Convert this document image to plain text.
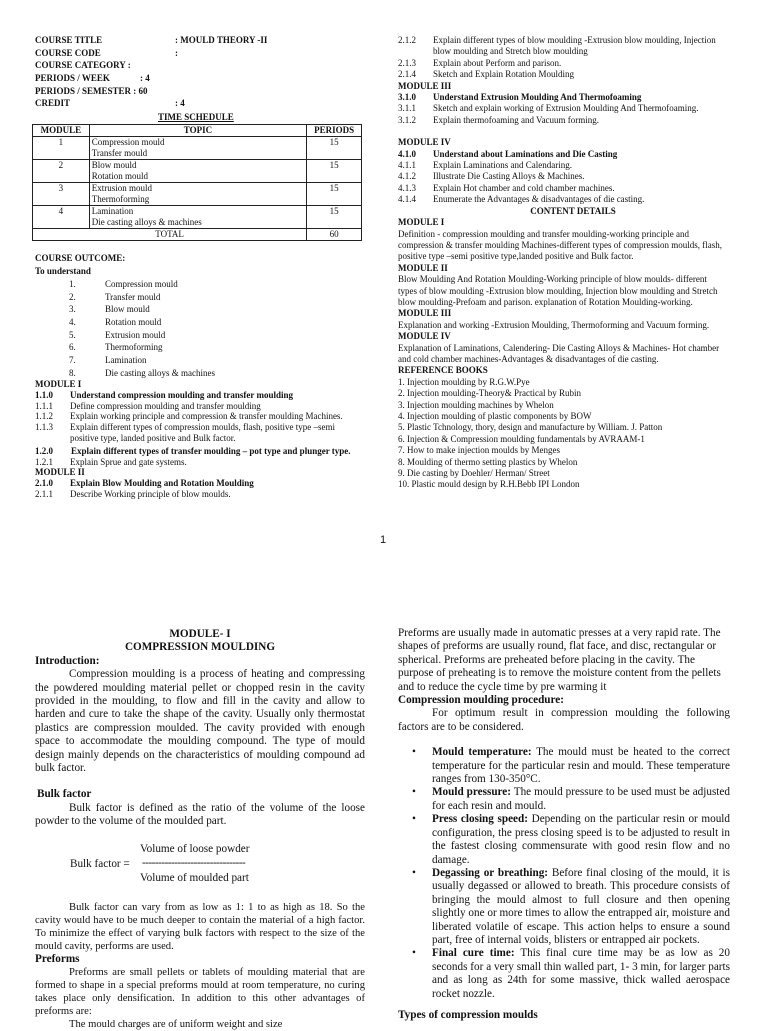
COURSE TITLE	: MOULD THEORY -II
COURSE CODE	:
COURSE CATEGORY :
PERIODS / WEEK	: 4
PERIODS / SEMESTER : 60
CREDIT	: 4
TIME SCHEDULE
MODULE	TOPIC	PERIODS
1	Compression mould
Transfer mould	15
2	Blow mould
Rotation mould	15
3	Extrusion mould
Thermoforming	15
4	Lamination
Die casting alloys & machines	15
TOTAL		60
COURSE OUTCOME:
To understand
1.	Compression mould
2.	Transfer mould
3.	Blow mould
4.	Rotation mould
5.	Extrusion mould
6.	Thermoforming
7.	Lamination
8.	Die casting alloys & machines
MODULE I
1.1.0 Understand compression moulding and transfer moulding
1.1.1 Define compression moulding and transfer moulding
1.1.2 Explain working principle and compression & transfer moulding Machines.
1.1.3 Explain different types of compression moulds, flash, positive type –semi positive type, landed positive and Bulk factor.
1.2.0 Explain different types of transfer moulding – pot type and plunger type.
1.2.1 Explain Sprue and gate systems.
MODULE II
2.1.0 Explain Blow Moulding and Rotation Moulding
2.1.1 Describe Working principle of blow moulds.
2.1.2 Explain different types of blow moulding -Extrusion blow moulding, Injection blow moulding and Stretch blow moulding
2.1.3 Explain about Perform and parison.
2.1.4 Sketch and Explain Rotation Moulding
MODULE III
3.1.0 Understand Extrusion Moulding And Thermofoaming
3.1.1 Sketch and explain working of Extrusion Moulding And Thermofoaming.
3.1.2 Explain thermofoaming and Vacuum forming.
MODULE IV
4.1.0 Understand about Laminations and Die Casting
4.1.1 Explain Laminations and Calendaring.
4.1.2 Illustrate Die Casting Alloys & Machines.
4.1.3 Explain Hot chamber and cold chamber machines.
4.1.4 Enumerate the Advantages & disadvantages of die casting.
CONTENT DETAILS
MODULE I
Definition - compression moulding and transfer moulding-working principle and compression & transfer moulding Machines-different types of compression moulds, flash, positive type –semi positive type,landed positive and Bulk factor.
MODULE II
Blow Moulding And Rotation Moulding-Working principle of blow moulds- different types of blow moulding -Extrusion blow moulding, Injection blow moulding and Stretch blow moulding-Prefoam and parison. explanation of Rotation Moulding-working.
MODULE III
Explanation and working -Extrusion Moulding, Thermoforming and Vacuum forming.
MODULE IV
Explanation of Laminations, Calendering- Die Casting Alloys & Machines- Hot chamber and cold chamber machines-Advantages & disadvantages of die casting.
REFERENCE BOOKS
1. Injection moulding by R.G.W.Pye
2. Injection moulding-Theory& Practical by Rubin
3. Injection moulding machines by Whelon
4. Injection moulding of plastic components by BOW
5. Plastic Tchnology, thory, design and manufacture by William. J. Patton
6. Injection & Compression moulding fundamentals by AVRAAM-1
7. How to make injection moulds by Menges
8. Moulding of thermo setting plastics by Whelon
9. Die casting by Doehler/ Herman/ Street
10. Plastic mould design by R.H.Bebb IPI London
1
MODULE- I
COMPRESSION MOULDING
Introduction:
Compression moulding is a process of heating and compressing the powdered moulding material pellet or chopped resin in the cavity provided in the moulding, to flow and fill in the cavity and allow to harden and cure to take the shape of the cavity. Usually only thermostat plastics are compression moulded. The cavity provided with enough space to accommodate the moulding compound. The type of mould design mainly depends on the characteristics of moulding compound ad bulk factor.
Bulk factor
Bulk factor is defined as the ratio of the volume of the loose powder to the volume of the moulded part.
Volume of loose powder
Bulk factor = --------------------------------
Volume of moulded part
Bulk factor can vary from as low as 1: 1 to as high as 18. So the cavity would have to be much deeper to contain the material of a high factor. To minimize the effect of varying bulk factors with respect to the size of the mould cavity, performs are used.
Preforms
Preforms are small pellets or tablets of moulding material that are formed to shape in a special preforms mould at room temperature, no curing takes place only densification. In addition to this other advantages of preforms are:
The mould charges are of uniform weight and size
Preforms are usually made in automatic presses at a very rapid rate. The shapes of preforms are usually round, flat face, and disc, rectangular or spherical. Preforms are preheated before placing in the cavity. The purpose of preheating is to remove the moisture content from the pellets and to reduce the cycle time by pre warming it
Compression moulding procedure:
For optimum result in compression moulding the following factors are to be considered.
• Mould temperature: The mould must be heated to the correct temperature for the particular resin and mould. These temperature ranges from 130-350°C.
• Mould pressure: The mould pressure to be used must be adjusted for each resin and mould.
• Press closing speed: Depending on the particular resin or mould configuration, the press closing speed is to be adjusted to result in the fastest closing commensurate with good resin flow and no damage.
• Degassing or breathing: Before final closing of the mould, it is usually degassed or allowed to breath. This procedure consists of bringing the mould almost to full closure and then opening slightly one or more times to allow the entrapped air, moisture and liberated volatile of escape. This action helps to ensure a sound part, free of internal voids, blisters or entrapped air pockets.
• Final cure time: This final cure time may be as low as 20 seconds for a very small thin walled part, 1- 3 min, for larger parts and as long as 24th for some massive, thick walled aerospace rocket nozzle.
Types of compression moulds
